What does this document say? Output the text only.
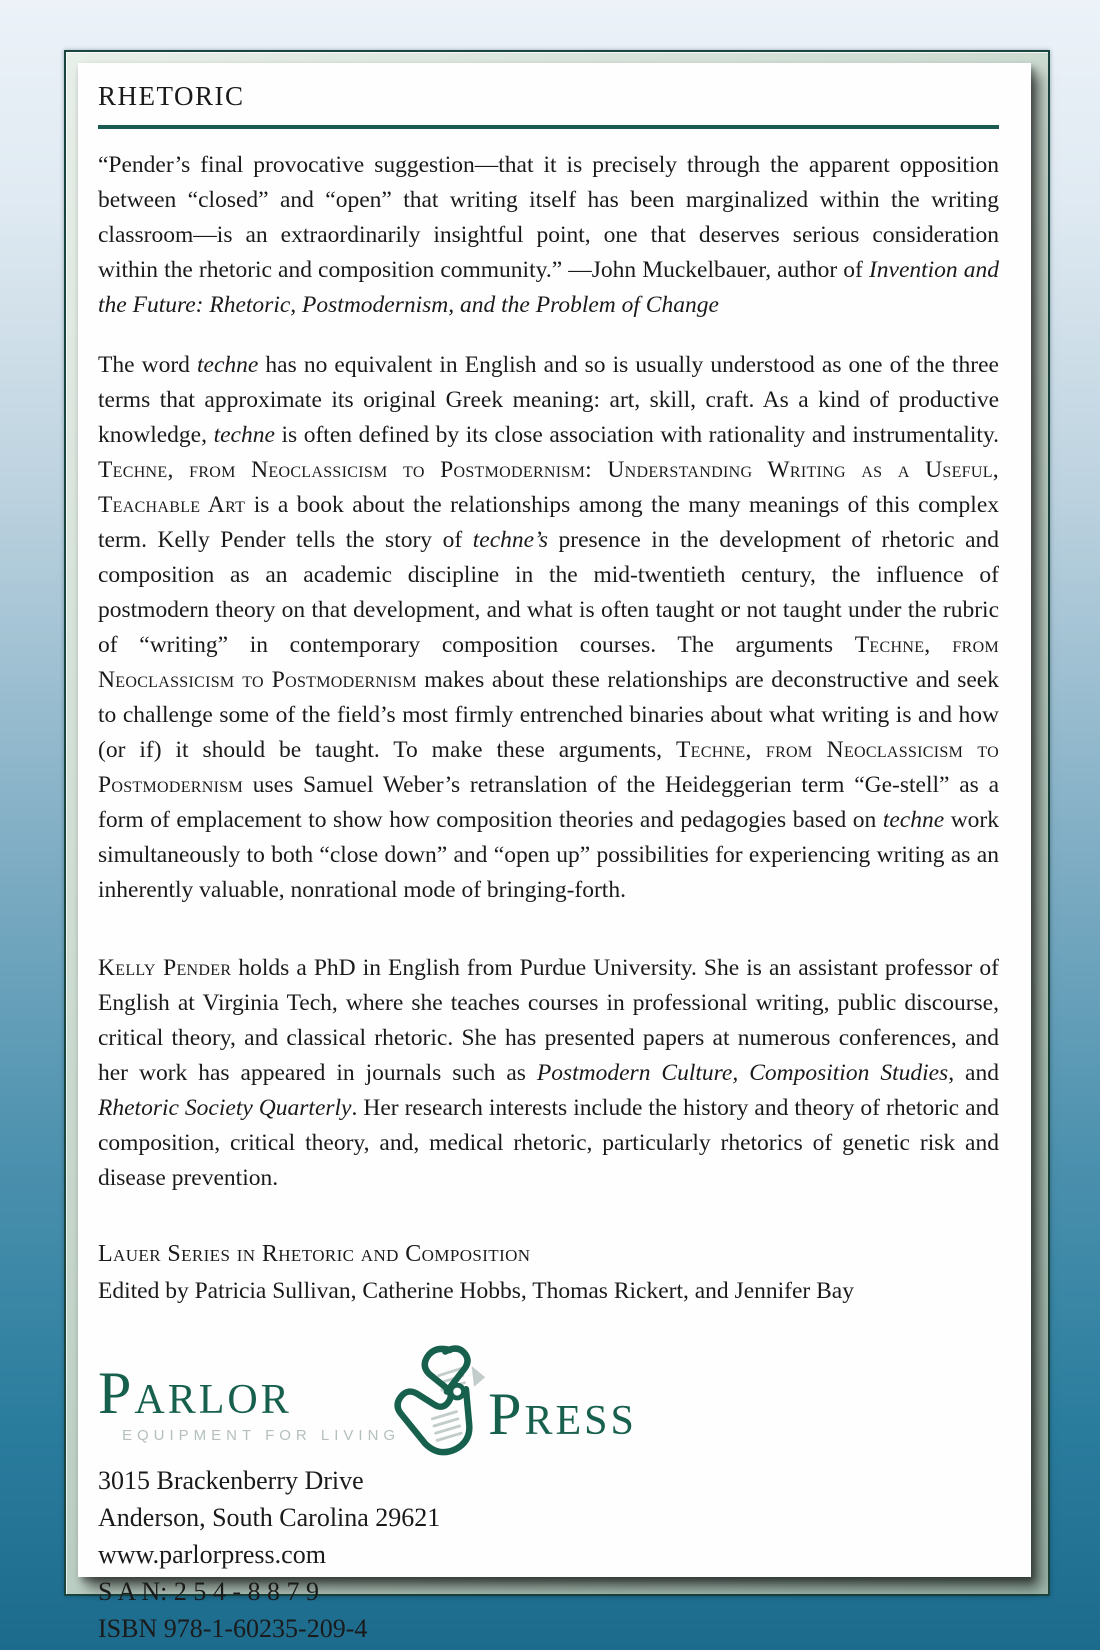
RHETORIC
“Pender’s final provocative suggestion—that it is precisely through the apparent opposition between “closed” and “open” that writing itself has been marginalized within the writing classroom—is an extraordinarily insightful point, one that deserves serious consideration within the rhetoric and composition community.” —John Muckelbauer, author of Invention and the Future: Rhetoric, Postmodernism, and the Problem of Change
The word techne has no equivalent in English and so is usually understood as one of the three terms that approximate its original Greek meaning: art, skill, craft. As a kind of productive knowledge, techne is often defined by its close association with rationality and instrumentality. Techne, from Neoclassicism to Postmodernism: Understanding Writing as a Useful, Teachable Art is a book about the relationships among the many meanings of this complex term. Kelly Pender tells the story of techne’s presence in the development of rhetoric and composition as an academic discipline in the mid-twentieth century, the influence of postmodern theory on that development, and what is often taught or not taught under the rubric of “writing” in contemporary composition courses. The arguments Techne, from Neoclassicism to Postmodernism makes about these relationships are deconstructive and seek to challenge some of the field’s most firmly entrenched binaries about what writing is and how (or if) it should be taught. To make these arguments, Techne, from Neoclassicism to Postmodernism uses Samuel Weber’s retranslation of the Heideggerian term “Ge-stell” as a form of emplacement to show how composition theories and pedagogies based on techne work simultaneously to both “close down” and “open up” possibilities for experiencing writing as an inherently valuable, nonrational mode of bringing-forth.
Kelly Pender holds a PhD in English from Purdue University. She is an assistant professor of English at Virginia Tech, where she teaches courses in professional writing, public discourse, critical theory, and classical rhetoric. She has presented papers at numerous conferences, and her work has appeared in journals such as Postmodern Culture, Composition Studies, and Rhetoric Society Quarterly. Her research interests include the history and theory of rhetoric and composition, critical theory, and, medical rhetoric, particularly rhetorics of genetic risk and disease prevention.
Lauer Series in Rhetoric and Composition
Edited by Patricia Sullivan, Catherine Hobbs, Thomas Rickert, and Jennifer Bay
Parlor
EQUIPMENT FOR LIVING Press
3015 Brackenberry Drive
Anderson, South Carolina 29621
www.parlorpress.com
S A N: 2 5 4 - 8 8 7 9
ISBN 978-1-60235-209-4
